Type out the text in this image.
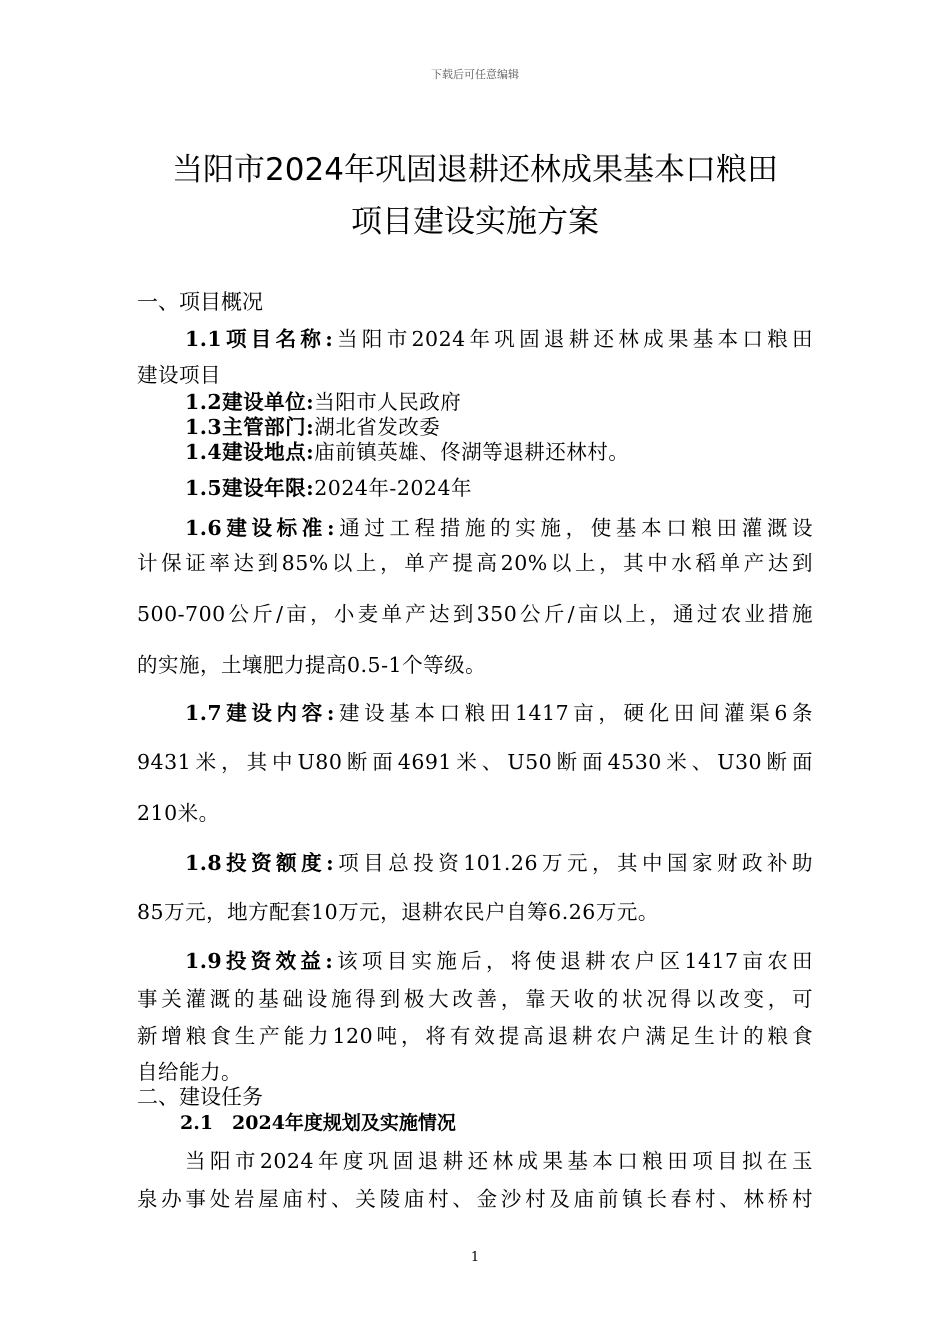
下载后可任意编辑
当阳市2024年巩固退耕还林成果基本口粮田
项目建设实施方案
一、项目概况
1.1项目名称:当阳市2024年巩固退耕还林成果基本口粮田
建设项目
1.2建设单位:当阳市人民政府
1.3主管部门:湖北省发改委
1.4建设地点:庙前镇英雄、佟湖等退耕还林村。
1.5建设年限:2024年-2024年
1.6建设标准:通过工程措施的实施，使基本口粮田灌溉设
计保证率达到85%以上，单产提高20%以上，其中水稻单产达到
500-700公斤/亩，小麦单产达到350公斤/亩以上，通过农业措施
的实施，土壤肥力提高0.5-1个等级。
1.7建设内容:建设基本口粮田1417亩，硬化田间灌渠6条
9431米，其中U80断面4691米、U50断面4530米、U30断面
210米。
1.8投资额度:项目总投资101.26万元，其中国家财政补助
85万元，地方配套10万元，退耕农民户自筹6.26万元。
1.9投资效益:该项目实施后，将使退耕农户区1417亩农田
事关灌溉的基础设施得到极大改善，靠天收的状况得以改变，可
新增粮食生产能力120吨，将有效提高退耕农户满足生计的粮食
自给能力。
二、建设任务
2.1　2024年度规划及实施情况
当阳市2024年度巩固退耕还林成果基本口粮田项目拟在玉
泉办事处岩屋庙村、关陵庙村、金沙村及庙前镇长春村、林桥村
1
